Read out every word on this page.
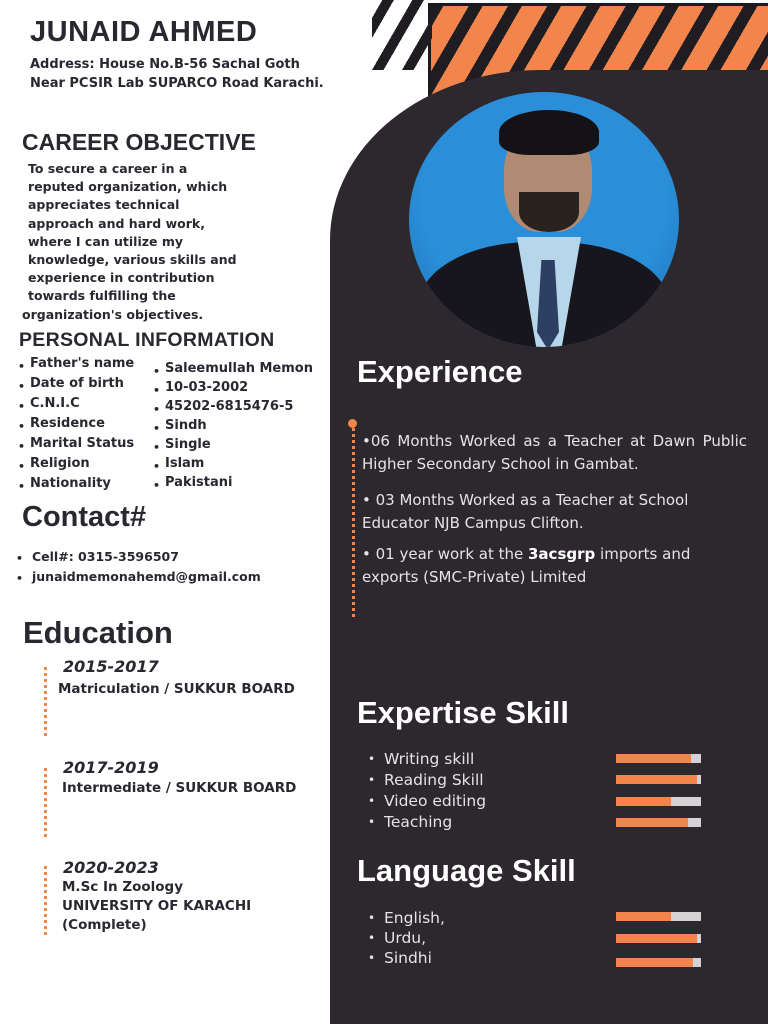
JUNAID AHMED
Address: House No.B-56 Sachal Goth Near PCSIR Lab SUPARCO Road Karachi.
CAREER OBJECTIVE
To secure a career in a
reputed organization, which
appreciates technical
approach and hard work,
where I can utilize my
knowledge, various skills and
experience in contribution
towards fulfilling the
organization's objectives.
PERSONAL INFORMATION
• Father's name
• Date of birth
• C.N.I.C
• Residence
• Marital Status
• Religion
• Nationality
• Saleemullah Memon
• 10-03-2002
• 45202-6815476-5
• Sindh
• Single
• Islam
• Pakistani
Contact#
• Cell#: 0315-3596507
• junaidmemonahemd@gmail.com
Education
2015-2017
Matriculation / SUKKUR BOARD
2017-2019
Intermediate / SUKKUR BOARD
2020-2023
M.Sc In Zoology
UNIVERSITY OF KARACHI
(Complete)
Experience
•06 Months Worked as a Teacher at Dawn Public Higher Secondary School in Gambat.
• 03 Months Worked as a Teacher at School Educator NJB Campus Clifton.
• 01 year work at the 3acsgrp imports and exports (SMC-Private) Limited
Expertise Skill
• Writing skill
• Reading Skill
• Video editing
• Teaching
Language Skill
• English,
• Urdu,
• Sindhi
